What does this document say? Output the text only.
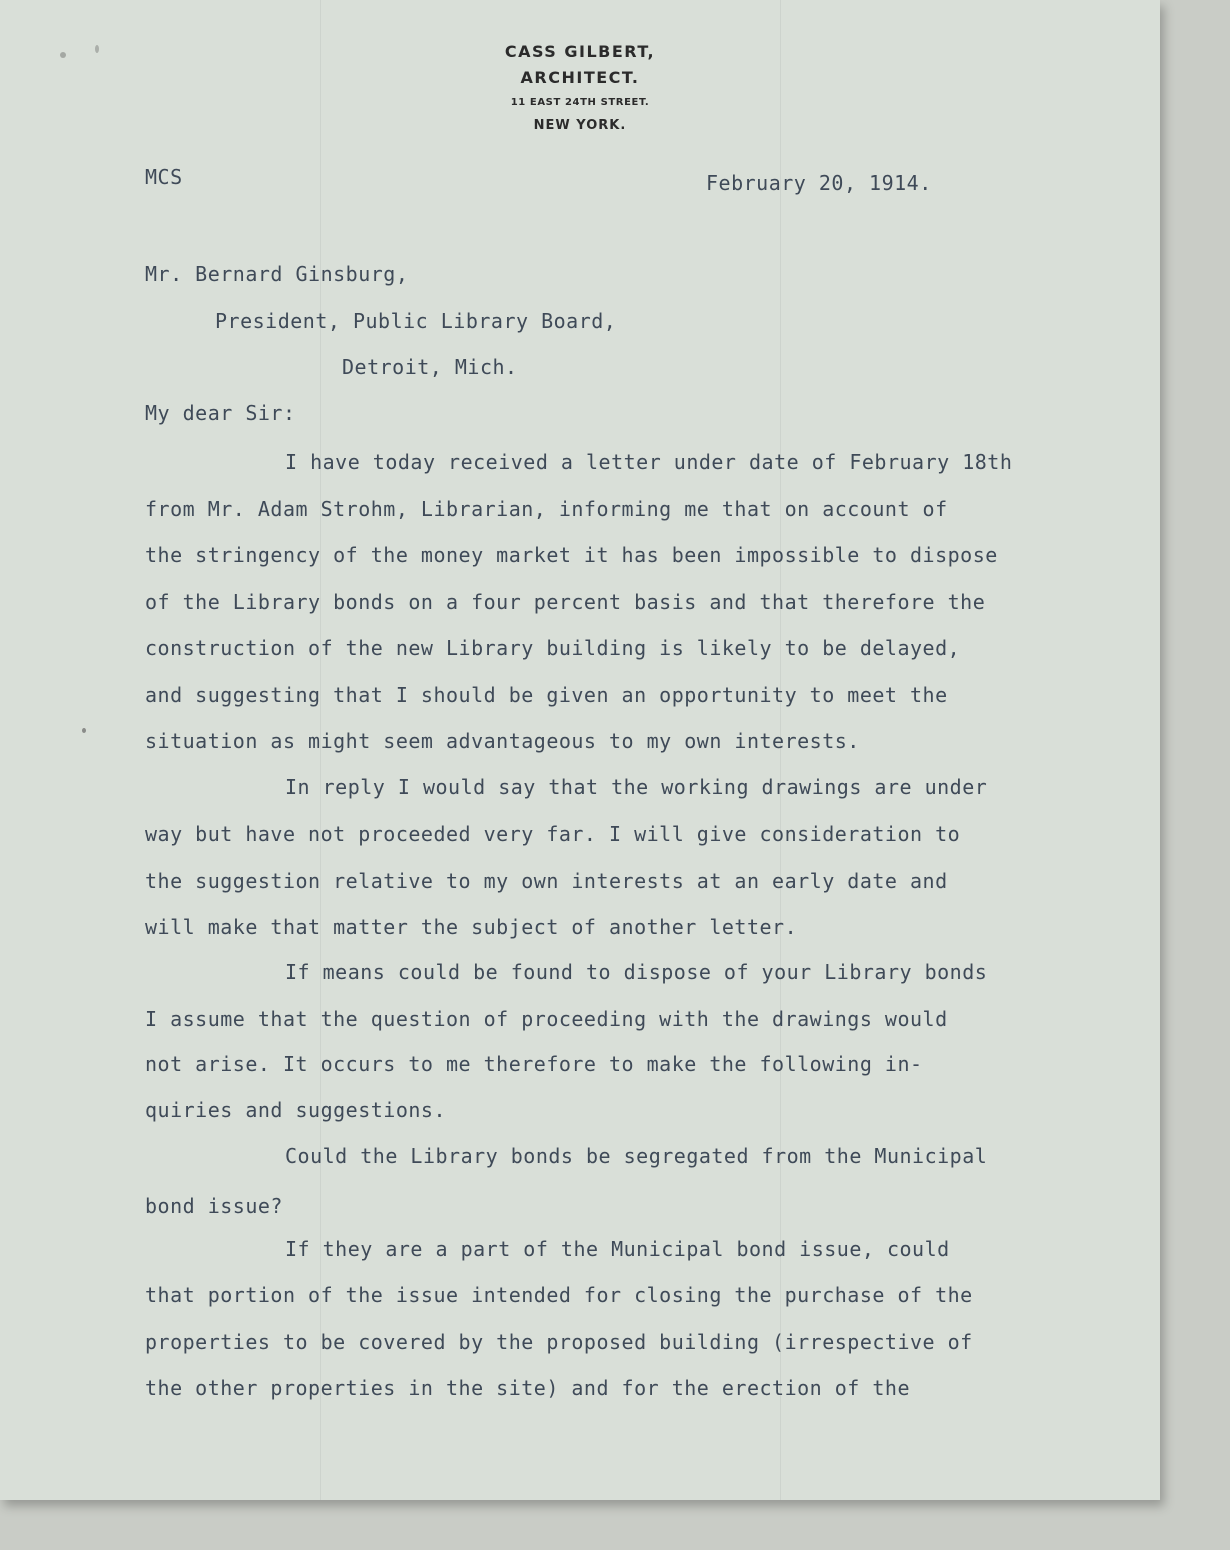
CASS GILBERT,
ARCHITECT.
11 EAST 24TH STREET.
NEW YORK.
MCS	February 20, 1914.
Mr. Bernard Ginsburg,
President, Public Library Board,
Detroit, Mich.
My dear Sir:
I have today received a letter under date of February 18th
from Mr. Adam Strohm, Librarian, informing me that on account of
the stringency of the money market it has been impossible to dispose
of the Library bonds on a four percent basis and that therefore the
construction of the new Library building is likely to be delayed,
and suggesting that I should be given an opportunity to meet the
situation as might seem advantageous to my own interests.
In reply I would say that the working drawings are under
way but have not proceeded very far. I will give consideration to
the suggestion relative to my own interests at an early date and
will make that matter the subject of another letter.
If means could be found to dispose of your Library bonds
I assume that the question of proceeding with the drawings would
not arise. It occurs to me therefore to make the following in-
quiries and suggestions.
Could the Library bonds be segregated from the Municipal
bond issue?
If they are a part of the Municipal bond issue, could
that portion of the issue intended for closing the purchase of the
properties to be covered by the proposed building (irrespective of
the other properties in the site) and for the erection of the
